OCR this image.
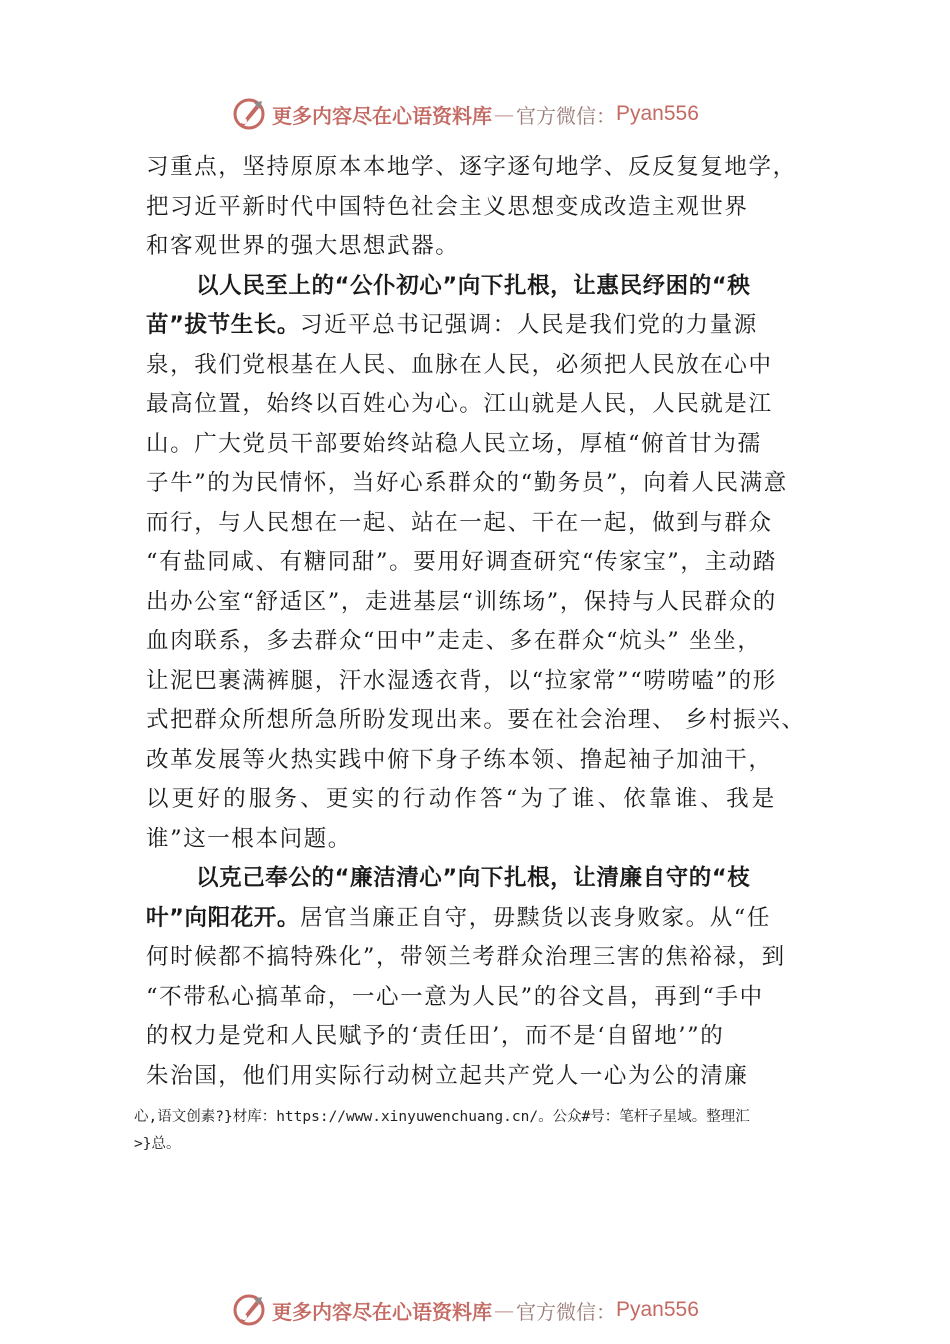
更多内容尽在心语资料库 — 官方微信： Pyan556
习重点，坚持原原本本地学、逐字逐句地学、反反复复地学，
把习近平新时代中国特色社会主义思想变成改造主观世界
和客观世界的强大思想武器。
以人民至上的“公仆初心”向下扎根，让惠民纾困的“秧
苗”拔节生长。习近平总书记强调：人民是我们党的力量源
泉，我们党根基在人民、血脉在人民，必须把人民放在心中
最高位置，始终以百姓心为心。江山就是人民，人民就是江
山。广大党员干部要始终站稳人民立场，厚植“俯首甘为孺
子牛”的为民情怀，当好心系群众的“勤务员”，向着人民满意
而行，与人民想在一起、站在一起、干在一起，做到与群众
“有盐同咸、有糖同甜”。要用好调查研究“传家宝”，主动踏
出办公室“舒适区”，走进基层“训练场”，保持与人民群众的
血肉联系，多去群众“田中”走走、多在群众“炕头” 坐坐，
让泥巴裹满裤腿，汗水湿透衣背，以“拉家常”“唠唠嗑”的形
式把群众所想所急所盼发现出来。要在社会治理、 乡村振兴、
改革发展等火热实践中俯下身子练本领、撸起袖子加油干，
以更好的服务、更实的行动作答“为了谁、依靠谁、我是
谁”这一根本问题。
以克己奉公的“廉洁清心”向下扎根，让清廉自守的“枝
叶”向阳花开。居官当廉正自守，毋黩货以丧身败家。从“任
何时候都不搞特殊化”，带领兰考群众治理三害的焦裕禄，到
“不带私心搞革命，一心一意为人民”的谷文昌，再到“手中
的权力是党和人民赋予的‘责任田’，而不是‘自留地’”的
朱治国，他们用实际行动树立起共产党人一心为公的清廉
心,语文创素?}材库：https://www.xinyuwenchuang.cn/。公众#号：笔杆子星域。整理汇
>}总。
更多内容尽在心语资料库 — 官方微信： Pyan556
